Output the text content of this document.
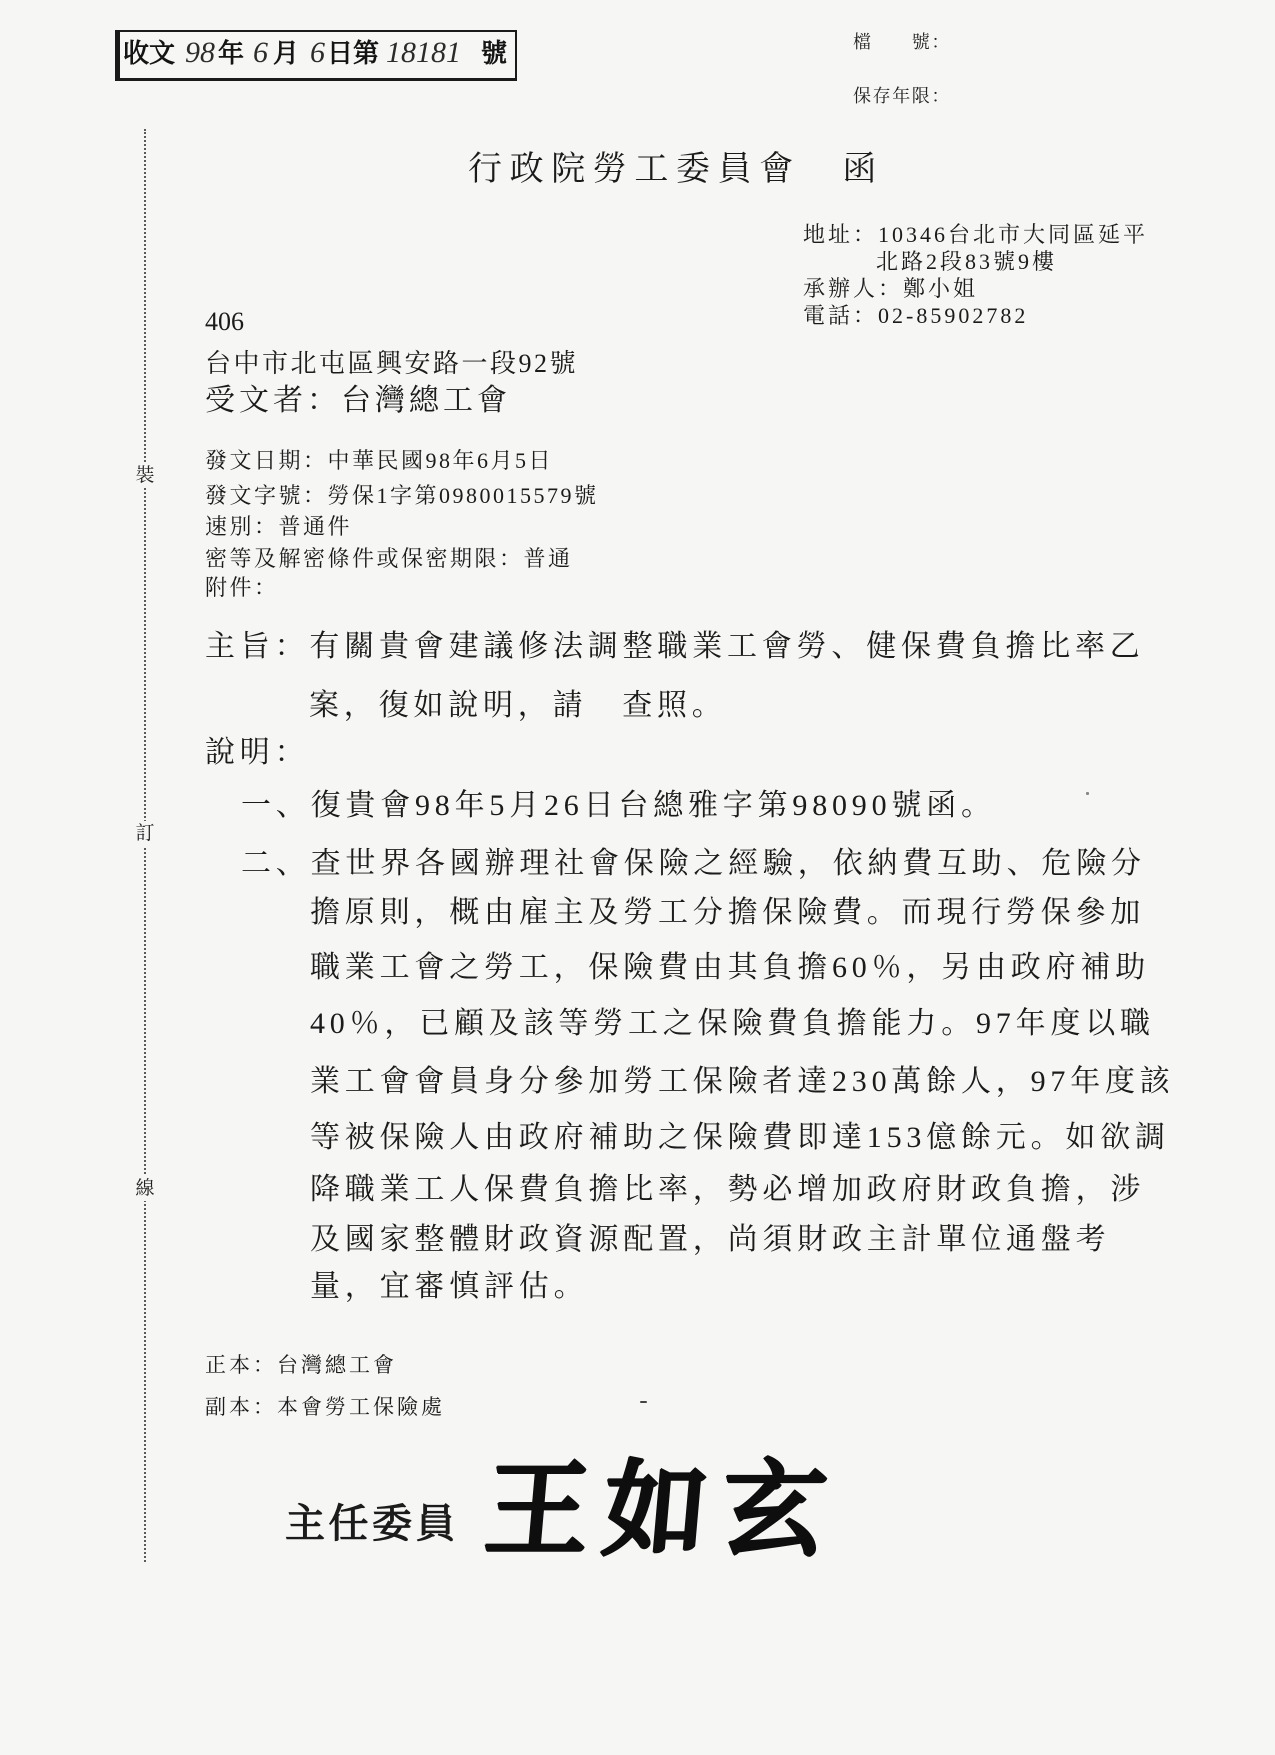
收文 98 年 6 月 6 日第 18181 號	檔　　號：
保存年限：
裝
訂
線
行政院勞工委員會　函
地址：10346台北市大同區延平
北路2段83號9樓
承辦人：鄭小姐
電話：02-85902782
406
台中市北屯區興安路一段92號
受文者：台灣總工會
發文日期：中華民國98年6月5日
發文字號：勞保1字第0980015579號
速別：普通件
密等及解密條件或保密期限：普通
附件：
主旨：有關貴會建議修法調整職業工會勞、健保費負擔比率乙
案，復如說明，請　查照。
說明：
一、復貴會98年5月26日台總雅字第98090號函。
二、查世界各國辦理社會保險之經驗，依納費互助、危險分
擔原則，概由雇主及勞工分擔保險費。而現行勞保參加
職業工會之勞工，保險費由其負擔60％，另由政府補助
40％，已顧及該等勞工之保險費負擔能力。97年度以職
業工會會員身分參加勞工保險者達230萬餘人，97年度該
等被保險人由政府補助之保險費即達153億餘元。如欲調
降職業工人保費負擔比率，勢必增加政府財政負擔，涉
及國家整體財政資源配置，尚須財政主計單位通盤考
量，宜審慎評估。
正本：台灣總工會
副本：本會勞工保險處
主任委員 王如玄
